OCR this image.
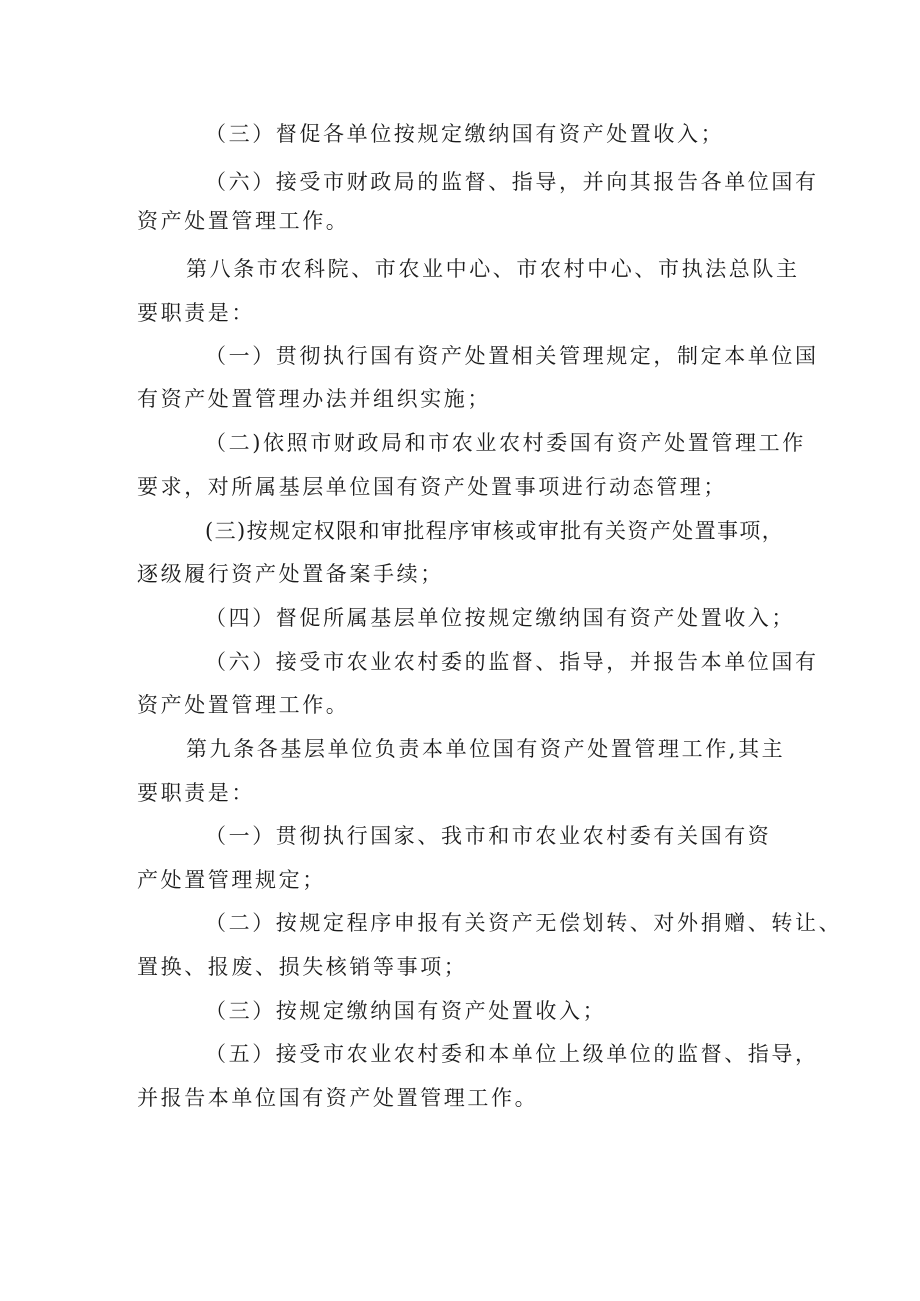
（三）督促各单位按规定缴纳国有资产处置收入；
（六）接受市财政局的监督、指导，并向其报告各单位国有
资产处置管理工作。
第八条市农科院、市农业中心、市农村中心、市执法总队主
要职责是：
（一）贯彻执行国有资产处置相关管理规定，制定本单位国
有资产处置管理办法并组织实施；
（二)依照市财政局和市农业农村委国有资产处置管理工作
要求，对所属基层单位国有资产处置事项进行动态管理；
(三)按规定权限和审批程序审核或审批有关资产处置事项，
逐级履行资产处置备案手续；
（四）督促所属基层单位按规定缴纳国有资产处置收入；
（六）接受市农业农村委的监督、指导，并报告本单位国有
资产处置管理工作。
第九条各基层单位负责本单位国有资产处置管理工作,其主
要职责是：
（一）贯彻执行国家、我市和市农业农村委有关国有资
产处置管理规定；
（二）按规定程序申报有关资产无偿划转、对外捐赠、转让、
置换、报废、损失核销等事项；
（三）按规定缴纳国有资产处置收入；
（五）接受市农业农村委和本单位上级单位的监督、指导，
并报告本单位国有资产处置管理工作。
